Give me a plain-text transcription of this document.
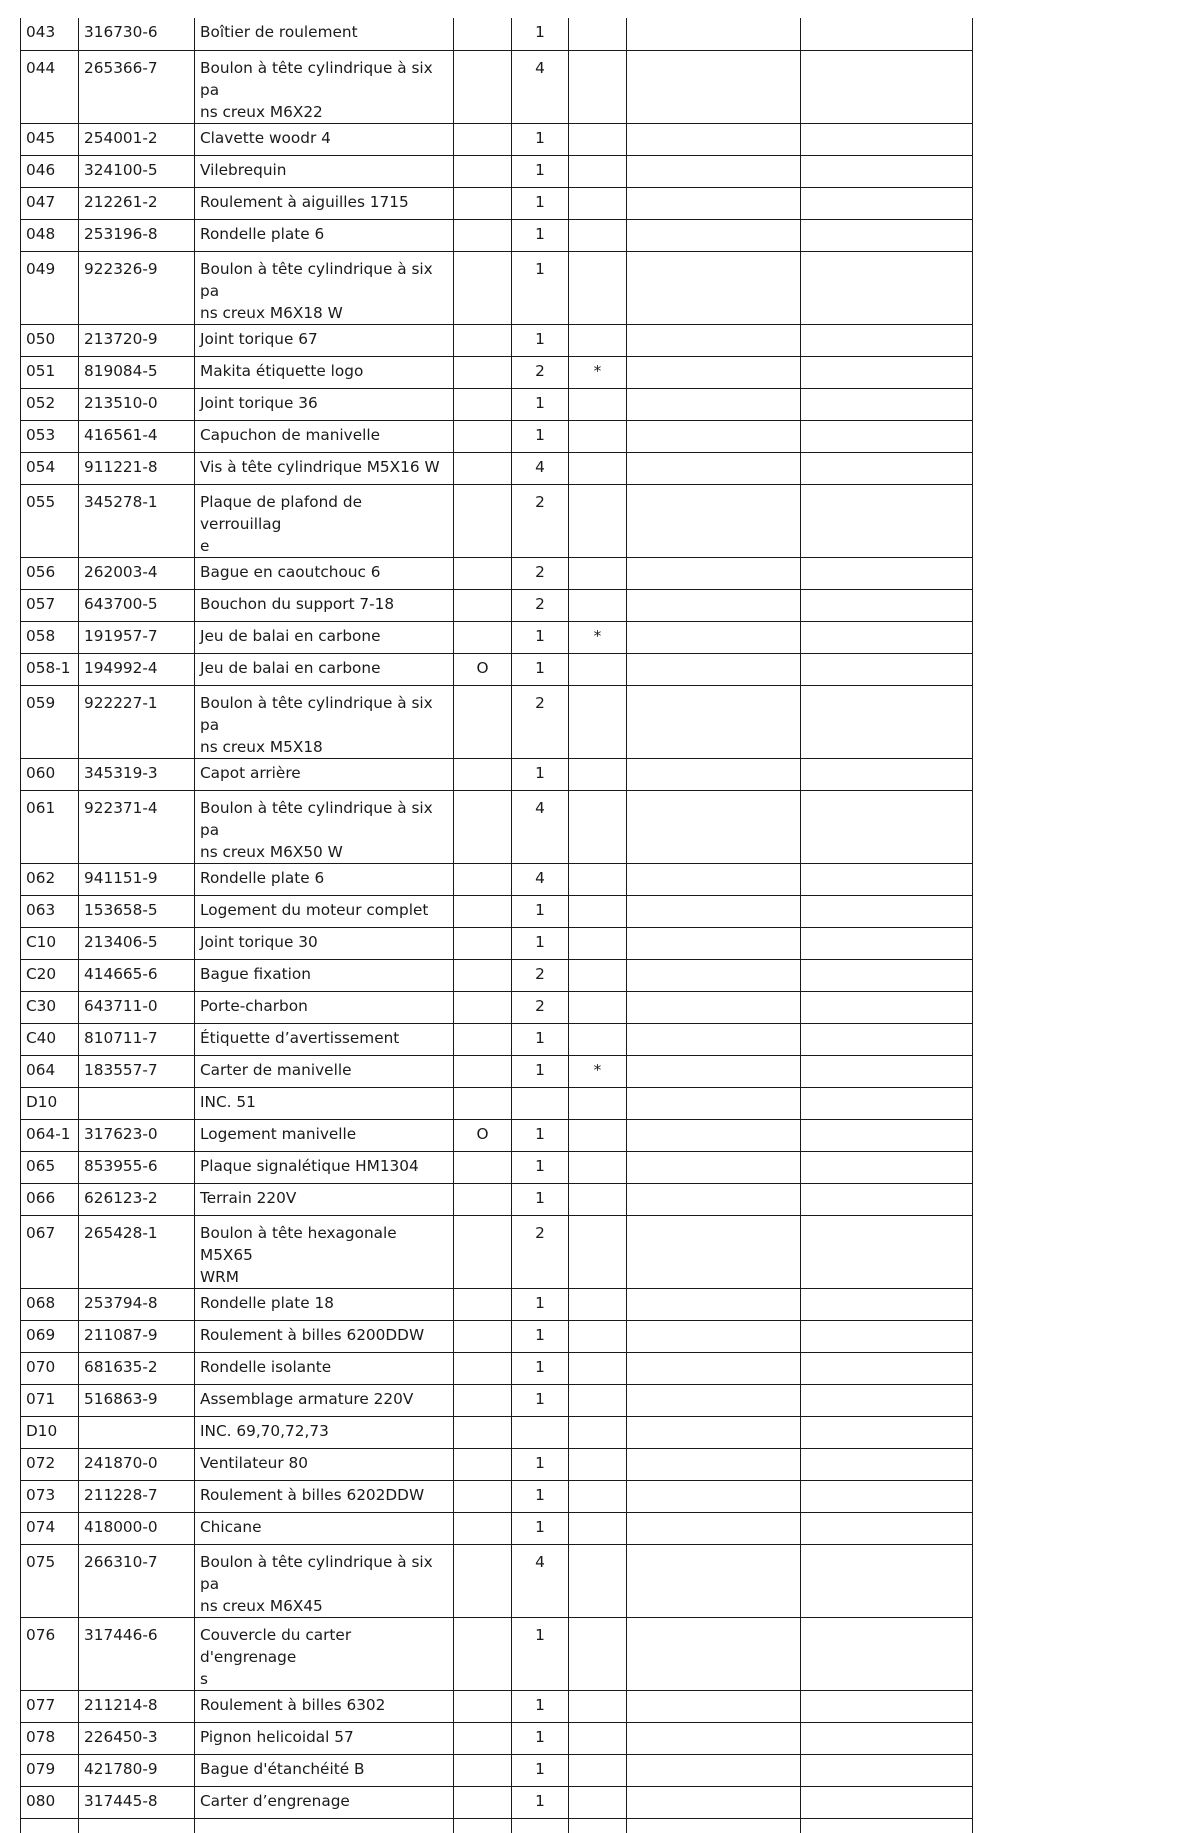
043	316730-6	Boîtier de roulement		1			
044	265366-7	Boulon à tête cylindrique à six pa
ns creux M6X22		4			
045	254001-2	Clavette woodr 4		1			
046	324100-5	Vilebrequin		1			
047	212261-2	Roulement à aiguilles 1715		1			
048	253196-8	Rondelle plate 6		1			
049	922326-9	Boulon à tête cylindrique à six pa
ns creux M6X18 W		1			
050	213720-9	Joint torique 67		1			
051	819084-5	Makita étiquette logo		2	*		
052	213510-0	Joint torique 36		1			
053	416561-4	Capuchon de manivelle		1			
054	911221-8	Vis à tête cylindrique M5X16 W		4			
055	345278-1	Plaque de plafond de verrouillag
e		2			
056	262003-4	Bague en caoutchouc 6		2			
057	643700-5	Bouchon du support 7-18		2			
058	191957-7	Jeu de balai en carbone		1	*		
058-1	194992-4	Jeu de balai en carbone	O	1			
059	922227-1	Boulon à tête cylindrique à six pa
ns creux M5X18		2			
060	345319-3	Capot arrière		1			
061	922371-4	Boulon à tête cylindrique à six pa
ns creux M6X50 W		4			
062	941151-9	Rondelle plate 6		4			
063	153658-5	Logement du moteur complet		1			
C10	213406-5	Joint torique 30		1			
C20	414665-6	Bague fixation		2			
C30	643711-0	Porte-charbon		2			
C40	810711-7	Étiquette d’avertissement		1			
064	183557-7	Carter de manivelle		1	*		
D10		INC. 51					
064-1	317623-0	Logement manivelle	O	1			
065	853955-6	Plaque signalétique HM1304		1			
066	626123-2	Terrain 220V		1			
067	265428-1	Boulon à tête hexagonale M5X65
WRM		2			
068	253794-8	Rondelle plate 18		1			
069	211087-9	Roulement à billes 6200DDW		1			
070	681635-2	Rondelle isolante		1			
071	516863-9	Assemblage armature 220V		1			
D10		INC. 69,70,72,73					
072	241870-0	Ventilateur 80		1			
073	211228-7	Roulement à billes 6202DDW		1			
074	418000-0	Chicane		1			
075	266310-7	Boulon à tête cylindrique à six pa
ns creux M6X45		4			
076	317446-6	Couvercle du carter d'engrenage
s		1			
077	211214-8	Roulement à billes 6302		1			
078	226450-3	Pignon helicoidal 57		1			
079	421780-9	Bague d'étanchéité B		1			
080	317445-8	Carter d’engrenage		1			
